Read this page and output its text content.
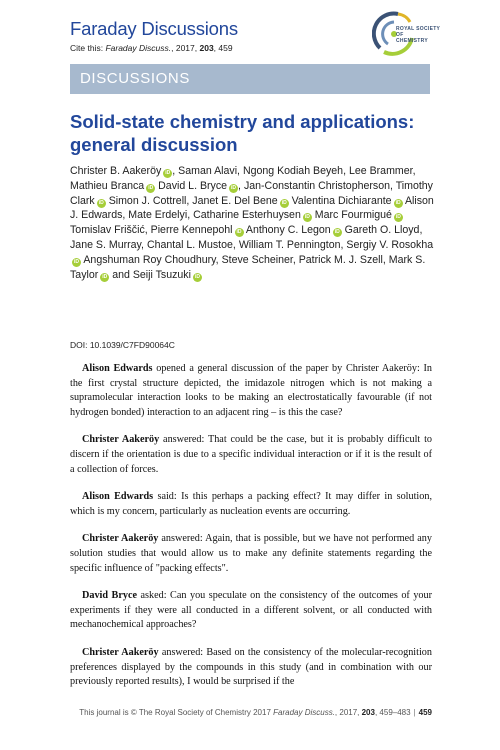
Faraday Discussions
Cite this: Faraday Discuss., 2017, 203, 459
ROYAL SOCIETY
OF
CHEMISTRY
DISCUSSIONS
Solid-state chemistry and applications:
general discussion
Christer B. Aakeröy iD , Saman Alavi, Ngong Kodiah Beyeh, Lee Brammer, Mathieu Branca iD David L. Bryce iD , Jan-Constantin Christopherson, Timothy Clark iD Simon J. Cottrell, Janet E. Del Bene iD Valentina Dichiarante iD Alison J. Edwards, Mate Erdelyi, Catharine Esterhuysen iD Marc Fourmigué iD Tomislav Friščić, Pierre Kennepohl iD Anthony C. Legon iD Gareth O. Lloyd, Jane S. Murray, Chantal L. Mustoe, William T. Pennington, Sergiy V. RosokhaiD Angshuman Roy Choudhury, Steve Scheiner, Patrick M. J. Szell, Mark S. Taylor iD and Seiji Tsuzuki iD
DOI: 10.1039/C7FD90064C

Alison Edwards opened a general discussion of the paper by Christer Aakeröy: In the first crystal structure depicted, the imidazole nitrogen which is not making a supramolecular interaction looks to be making an electrostatically favourable (if not hydrogen bonded) interaction to an adjacent ring – is this the case?

Christer Aakeröy answered: That could be the case, but it is probably difficult to discern if the orientation is due to a specific individual interaction or if it is the result of a collection of forces.

Alison Edwards said: Is this perhaps a packing effect? It may differ in solution, which is my concern, particularly as nucleation events are occurring.

Christer Aakeröy answered: Again, that is possible, but we have not performed any solution studies that would allow us to make any definite statements regarding the specific influence of "packing effects".

David Bryce asked: Can you speculate on the consistency of the outcomes of your experiments if they were all conducted in a different solvent, or all conducted with mechanochemical approaches?

Christer Aakeröy answered: Based on the consistency of the molecular-recognition preferences displayed by the compounds in this study (and in combination with our previously reported results), I would be surprised if the

This journal is © The Royal Society of Chemistry 2017 Faraday Discuss., 2017, 203, 459–483 | 459
